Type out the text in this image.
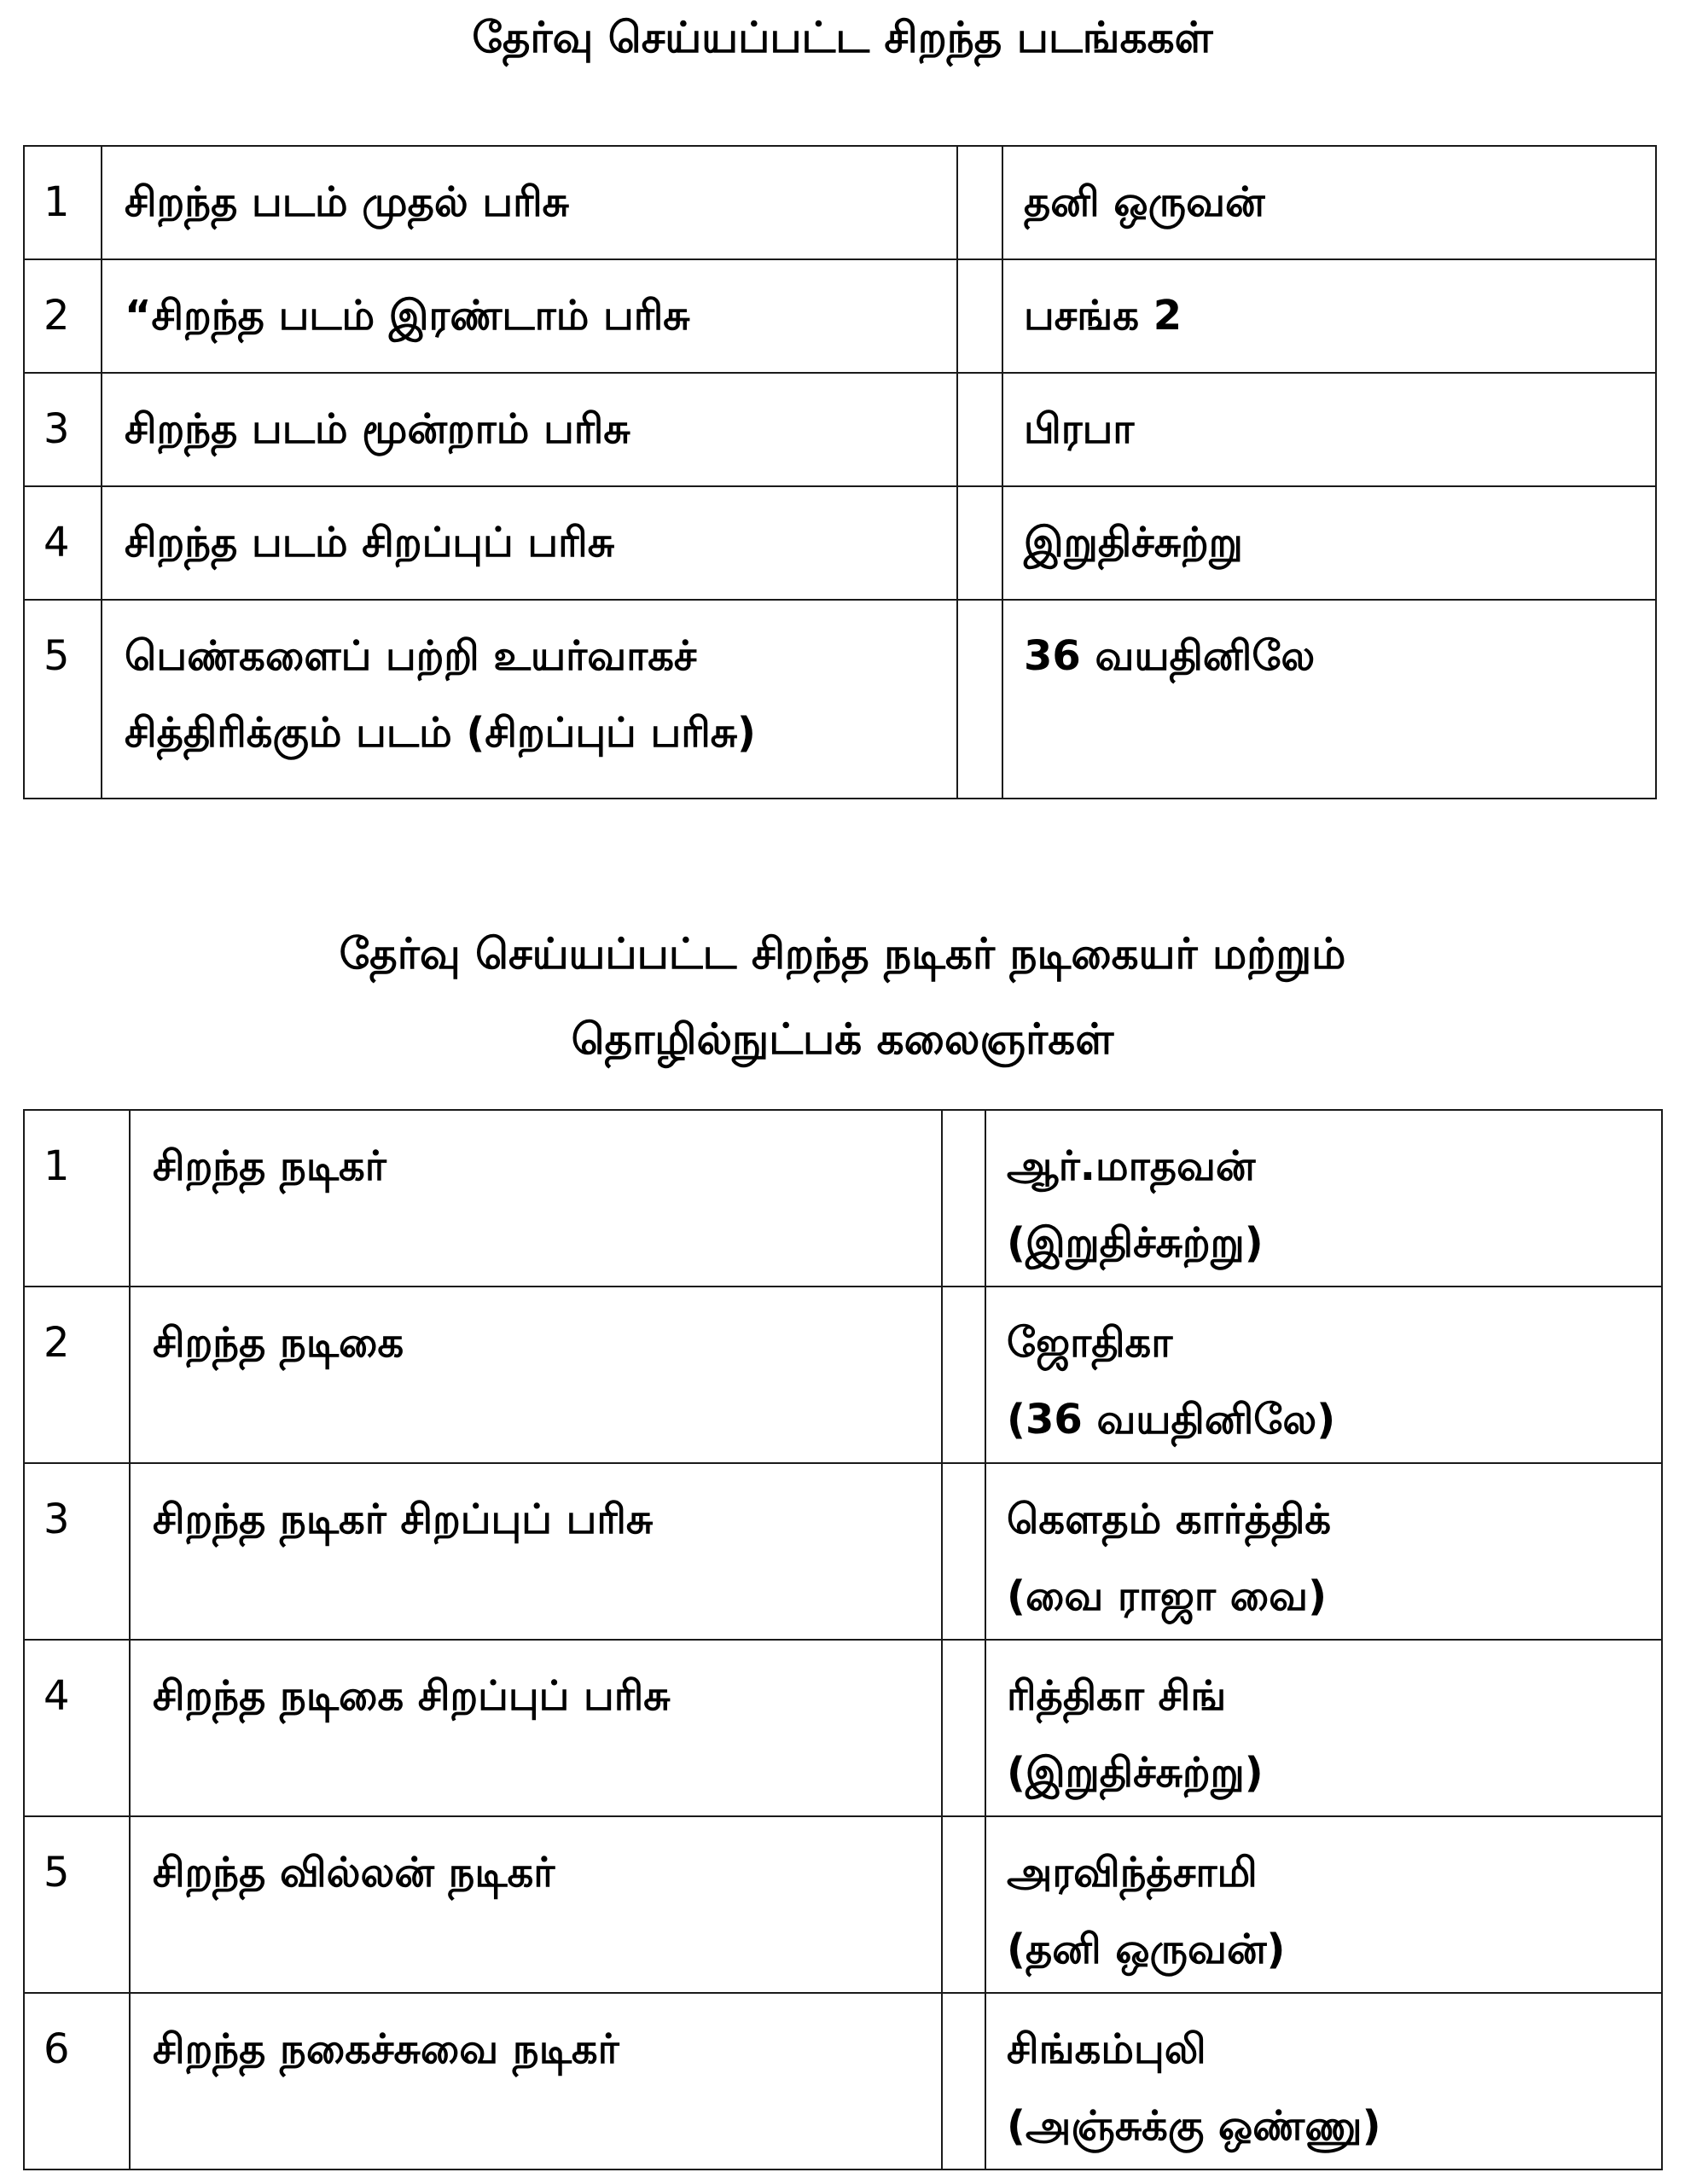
தேர்வு செய்யப்பட்ட சிறந்த படங்ககள்
1	சிறந்த படம் முதல் பரிசு		தனி ஒருவன்
2	“சிறந்த படம் இரண்டாம் பரிசு		பசங்க 2
3	சிறந்த படம் மூன்றாம் பரிசு		பிரபா
4	சிறந்த படம் சிறப்புப் பரிசு		இறுதிச்சுற்று
5	பெண்களைப் பற்றி உயர்வாகச்
சித்திரிக்கும் படம் (சிறப்புப் பரிசு)		36 வயதினிலே
தேர்வு செய்யப்பட்ட சிறந்த நடிகர் நடிகையர் மற்றும்
தொழில்நுட்பக் கலைஞர்கள்
1	சிறந்த நடிகர்		ஆர்.மாதவன்
(இறுதிச்சுற்று)

2	சிறந்த நடிகை		ஜோதிகா
(36 வயதினிலே)

3	சிறந்த நடிகர் சிறப்புப் பரிசு		கௌதம் கார்த்திக்
(வை ராஜா வை)

4	சிறந்த நடிகை சிறப்புப் பரிசு		ரித்திகா சிங்
(இறுதிச்சுற்று)

5	சிறந்த வில்லன் நடிகர்		அரவிந்த்சாமி
(தனி ஒருவன்)

6	சிறந்த நகைச்சுவை நடிகர்		சிங்கம்புலி
(அஞ்சுக்கு ஒண்ணு)
